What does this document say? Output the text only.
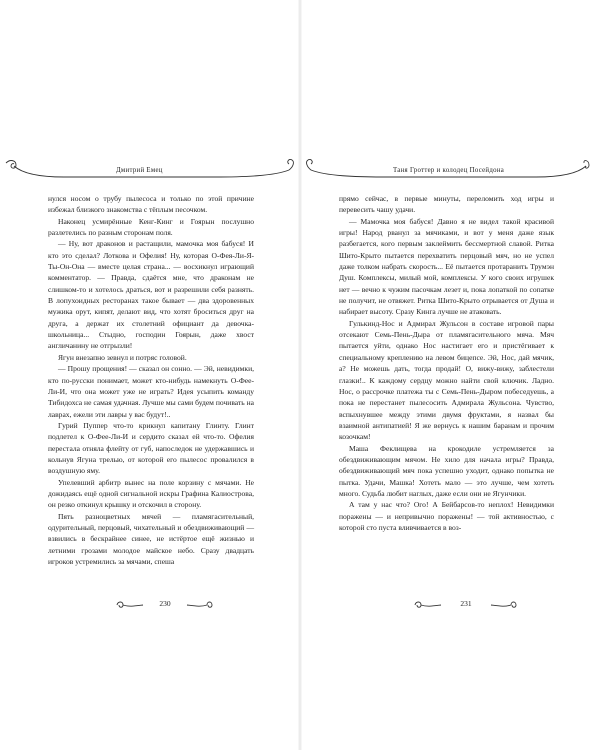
Дмитрий Емец

нулся носом о трубу пылесоса и только по этой причине избежал близкого знакомства с тёплым песочком.

Наконец усмирённые Кенг-Кинг и Гоярын послушно разлетелись по разным сторонам поля.

— Ну, вот драконов и растащили, мамочка моя бабуся! И кто это сделал? Лоткова и Офелия! Ну, которая О-Фея-Ли-Я-Ты-Он-Она — вместе целая страна... — восхикнул играющий комментатор. — Правда, сдаётся мне, что драконам не слишком-то и хотелось драться, вот и разрешили себя разнять. В лопухоидных ресторанах такое бывает — два здоровенных мужика орут, кипят, делают вид, что хотят броситься друг на друга, а держат их столетний официант да девочка-школьница... Стыдно, господин Гоярын, даже хвост англичанину не отгрызли!

Ягун внезапно зевнул и потряс головой.

— Прошу прощения! — сказал он сонно. — Эй, невидимки, кто по-русски понимает, может кто-нибудь намекнуть О-Фее-Ли-И, что она может уже не играть? Идея усыпить команду Тибидохса не самая удачная. Лучше мы сами будем почивать на лаврах, ежели эти лавры у вас будут!..

Гурий Пуппер что-то крикнул капитану Глинту. Глинт подлетел к О-Фее-Ли-И и сердито сказал ей что-то. Офелия перестала отняла флейту от губ, напоследок не удержавшись и кольнув Ягуна трелью, от которой его пылесос провалился в воздушную яму.

Упелевший арбитр вынес на поле корзину с мячами. Не дожидаясь ещё одной сигнальной искры Графина Калиострова, он резко откинул крышку и отскочил в сторону.

Пять разноцветных мячей — пламягасительный, одурительный, перцовый, чихательный и обездвиживающий — взвились в бескрайнее синее, не истёртое ещё жизнью и летними грозами молодое майское небо. Сразу двадцать игроков устремились за мячами, спеша

230
Таня Гроттер и колодец Посейдона

прямо сейчас, в первые минуты, переломить ход игры и перевесить чашу удачи.

— Мамочка моя бабуся! Давно я не видел такой красивой игры! Народ рванул за мячиками, и вот у меня даже язык разбегается, кого первым заклеймить бессмертной славой. Ритка Шито-Крыто пытается перехватить перцовый мяч, но не успел даже толком набрать скорость... Её пытается протаранить Трумэн Душ. Комплексы, милый мой, комплексы. У кого своих игрушек нет — вечно к чужим пасочкам лезет и, пока лопаткой по сопатке не получит, не отвяжет. Ритка Шито-Крыто отрывается от Душа и набирает высоту. Сразу Кинга лучше не атаковать.

Гулькинд-Нос и Адмирал Жульсон в составе игровой пары отсекают Семь-Пень-Дыра от пламягасительного мяча. Мяч пытается уйти, однако Нос настигает его и пристёгивает к специальному креплению на левом бицепсе. Эй, Нос, дай мячик, а? Не можешь дать, тогда продай! О, вижу-вижу, заблестели глазки!.. К каждому сердцу можно найти свой ключик. Ладно. Нос, о рассрочке платежа ты с Семь-Пень-Дыром побеседуешь, а пока не перестанет пылесосить Адмирала Жульсона. Чувство, вспыхнувшее между этими двумя фруктами, я назвал бы взаимной антипатией! Я же вернусь к нашим баранам и прочим козочкам!

Маша Феклищева на крокодиле устремляется за обездвиживающим мячом. Не хило для начала игры? Правда, обездвиживающий мяч пока успешно уходит, однако попытка не пытка. Удачи, Машка! Хотеть мало — это лучше, чем хотеть много. Судьба любит наглых, даже если они не Ягунчики.

А там у нас что? Ого! А Бейбарсов-то неплох! Невидимки поражены — и непривычно поражены! — той активностью, с которой сто пуста вливчивается в воз-

231
